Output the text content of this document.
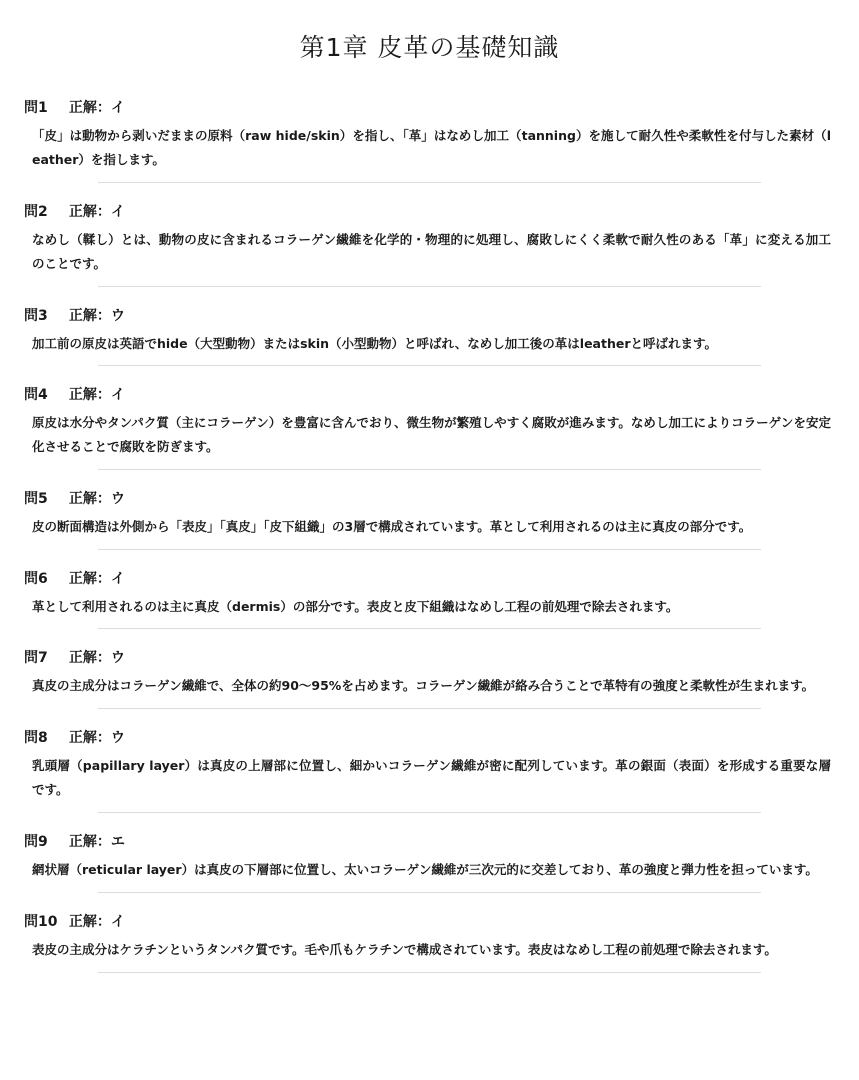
第1章 皮革の基礎知識
問1 正解：イ

「皮」は動物から剥いだままの原料（raw hide/skin）を指し、「革」はなめし加工（tanning）を施して耐久性や柔軟性を付与した素材（leather）を指します。

問2 正解：イ

なめし（鞣し）とは、動物の皮に含まれるコラーゲン繊維を化学的・物理的に処理し、腐敗しにくく柔軟で耐久性のある「革」に変える加工のことです。

問3 正解：ウ

加工前の原皮は英語でhide（大型動物）またはskin（小型動物）と呼ばれ、なめし加工後の革はleatherと呼ばれます。

問4 正解：イ

原皮は水分やタンパク質（主にコラーゲン）を豊富に含んでおり、微生物が繁殖しやすく腐敗が進みます。なめし加工によりコラーゲンを安定化させることで腐敗を防ぎます。

問5 正解：ウ

皮の断面構造は外側から「表皮」「真皮」「皮下組織」の3層で構成されています。革として利用されるのは主に真皮の部分です。

問6 正解：イ

革として利用されるのは主に真皮（dermis）の部分です。表皮と皮下組織はなめし工程の前処理で除去されます。

問7 正解：ウ

真皮の主成分はコラーゲン繊維で、全体の約90〜95%を占めます。コラーゲン繊維が絡み合うことで革特有の強度と柔軟性が生まれます。

問8 正解：ウ

乳頭層（papillary layer）は真皮の上層部に位置し、細かいコラーゲン繊維が密に配列しています。革の銀面（表面）を形成する重要な層です。

問9 正解：エ

網状層（reticular layer）は真皮の下層部に位置し、太いコラーゲン繊維が三次元的に交差しており、革の強度と弾力性を担っています。

問10 正解：イ

表皮の主成分はケラチンというタンパク質です。毛や爪もケラチンで構成されています。表皮はなめし工程の前処理で除去されます。
